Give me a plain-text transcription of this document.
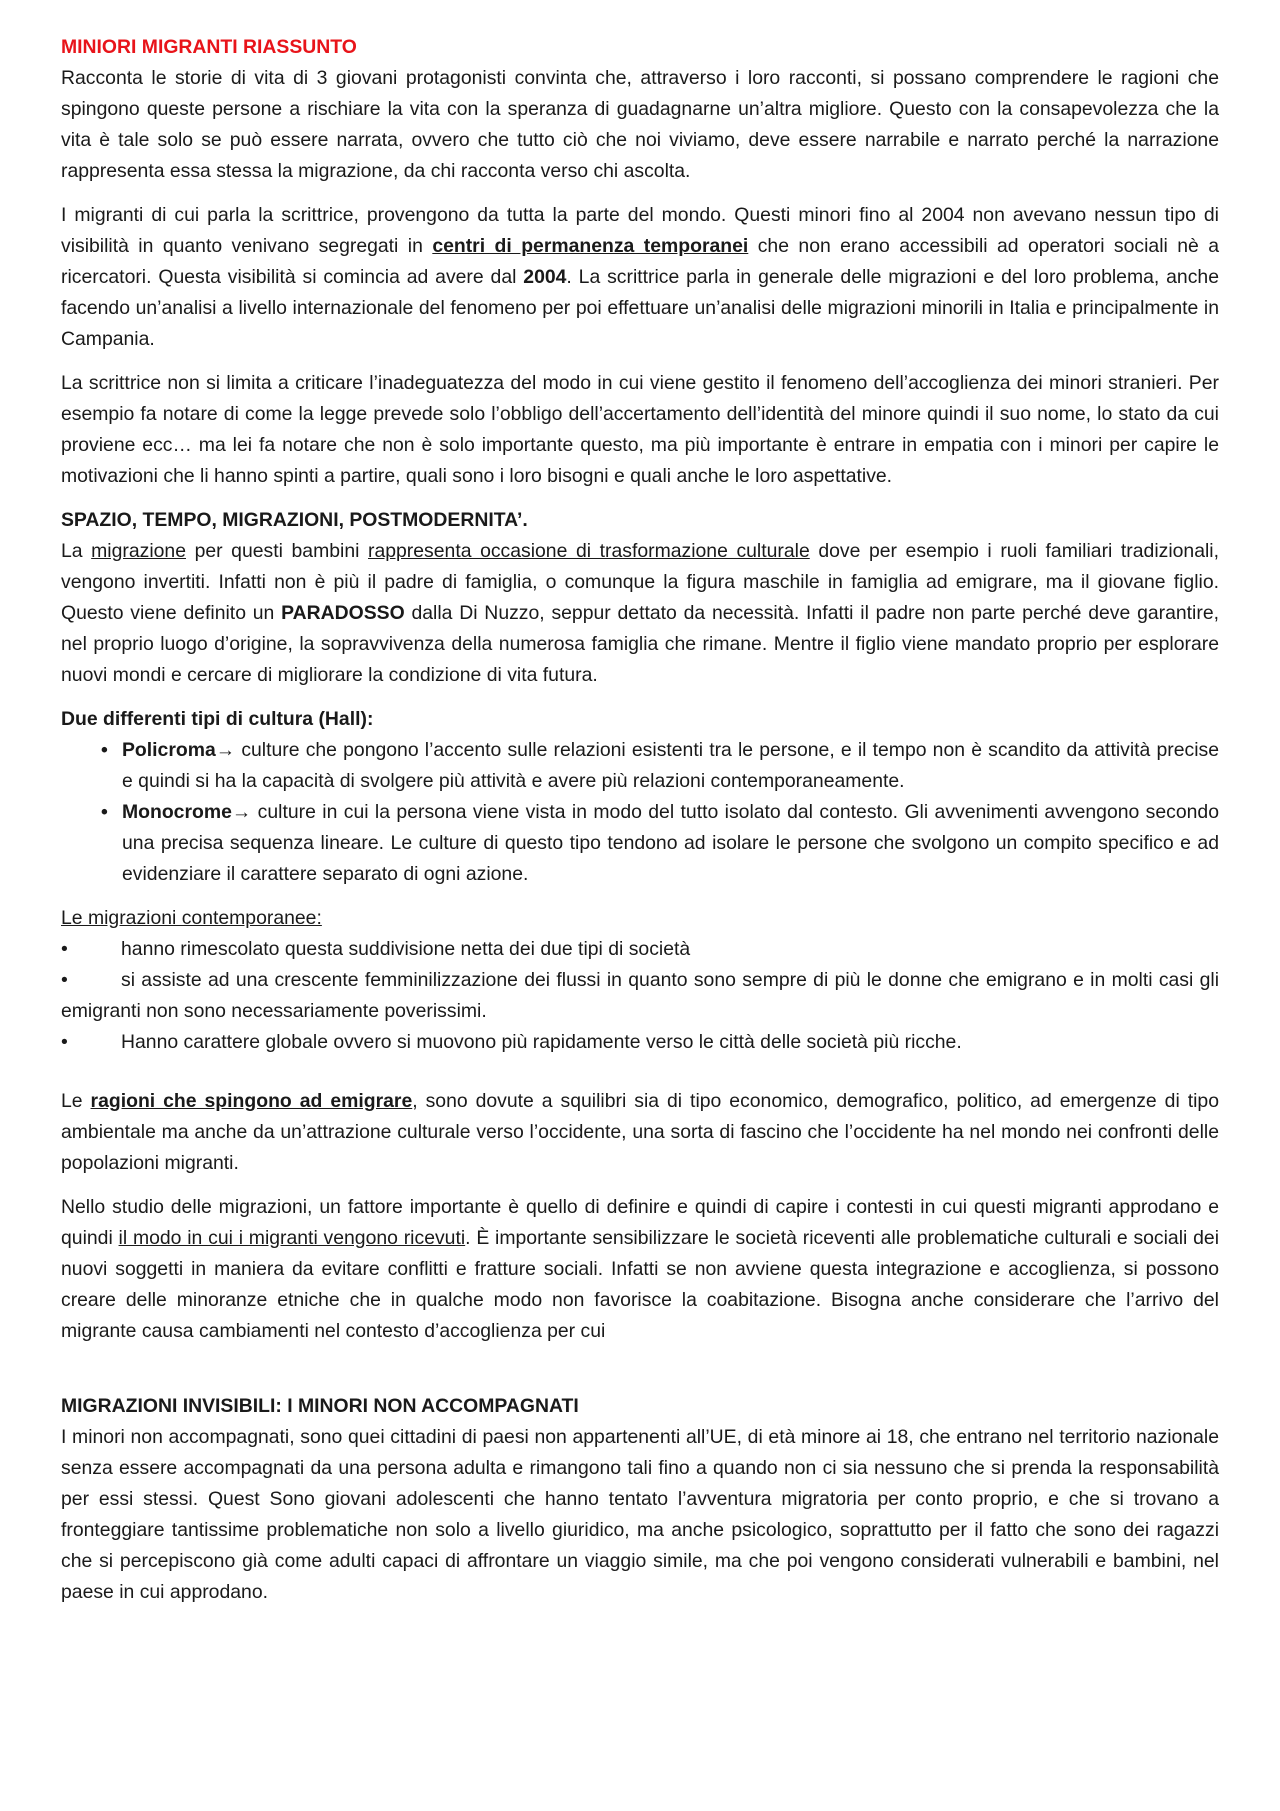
MINIORI MIGRANTI RIASSUNTO

Racconta le storie di vita di 3 giovani protagonisti convinta che, attraverso i loro racconti, si possano comprendere le ragioni che spingono queste persone a rischiare la vita con la speranza di guadagnarne un’altra migliore. Questo con la consapevolezza che la vita è tale solo se può essere narrata, ovvero che tutto ciò che noi viviamo, deve essere narrabile e narrato perché la narrazione rappresenta essa stessa la migrazione, da chi racconta verso chi ascolta.

I migranti di cui parla la scrittrice, provengono da tutta la parte del mondo. Questi minori fino al 2004 non avevano nessun tipo di visibilità in quanto venivano segregati in centri di permanenza temporanei che non erano accessibili ad operatori sociali nè a ricercatori. Questa visibilità si comincia ad avere dal 2004. La scrittrice parla in generale delle migrazioni e del loro problema, anche facendo un’analisi a livello internazionale del fenomeno per poi effettuare un’analisi delle migrazioni minorili in Italia e principalmente in Campania.

La scrittrice non si limita a criticare l’inadeguatezza del modo in cui viene gestito il fenomeno dell’accoglienza dei minori stranieri. Per esempio fa notare di come la legge prevede solo l’obbligo dell’accertamento dell’identità del minore quindi il suo nome, lo stato da cui proviene ecc… ma lei fa notare che non è solo importante questo, ma più importante è entrare in empatia con i minori per capire le motivazioni che li hanno spinti a partire, quali sono i loro bisogni e quali anche le loro aspettative.

SPAZIO, TEMPO, MIGRAZIONI, POSTMODERNITA’.

La migrazione per questi bambini rappresenta occasione di trasformazione culturale dove per esempio i ruoli familiari tradizionali, vengono invertiti. Infatti non è più il padre di famiglia, o comunque la figura maschile in famiglia ad emigrare, ma il giovane figlio. Questo viene definito un PARADOSSO dalla Di Nuzzo, seppur dettato da necessità. Infatti il padre non parte perché deve garantire, nel proprio luogo d’origine, la sopravvivenza della numerosa famiglia che rimane. Mentre il figlio viene mandato proprio per esplorare nuovi mondi e cercare di migliorare la condizione di vita futura.

Due differenti tipi di cultura (Hall):
• Policroma→ culture che pongono l’accento sulle relazioni esistenti tra le persone, e il tempo non è scandito da attività precise e quindi si ha la capacità di svolgere più attività e avere più relazioni contemporaneamente.
• Monocrome→ culture in cui la persona viene vista in modo del tutto isolato dal contesto. Gli avvenimenti avvengono secondo una precisa sequenza lineare. Le culture di questo tipo tendono ad isolare le persone che svolgono un compito specifico e ad evidenziare il carattere separato di ogni azione.
Le migrazioni contemporanee:
•	hanno rimescolato questa suddivisione netta dei due tipi di società
•	si assiste ad una crescente femminilizzazione dei flussi in quanto sono sempre di più le donne che emigrano e in molti casi gli emigranti non sono necessariamente poverissimi.
•	Hanno carattere globale ovvero si muovono più rapidamente verso le città delle società più ricche.

Le ragioni che spingono ad emigrare, sono dovute a squilibri sia di tipo economico, demografico, politico, ad emergenze di tipo ambientale ma anche da un’attrazione culturale verso l’occidente, una sorta di fascino che l’occidente ha nel mondo nei confronti delle popolazioni migranti.

Nello studio delle migrazioni, un fattore importante è quello di definire e quindi di capire i contesti in cui questi migranti approdano e quindi il modo in cui i migranti vengono ricevuti. È importante sensibilizzare le società riceventi alle problematiche culturali e sociali dei nuovi soggetti in maniera da evitare conflitti e fratture sociali. Infatti se non avviene questa integrazione e accoglienza, si possono creare delle minoranze etniche che in qualche modo non favorisce la coabitazione. Bisogna anche considerare che l’arrivo del migrante causa cambiamenti nel contesto d’accoglienza per cui

MIGRAZIONI INVISIBILI: I MINORI NON ACCOMPAGNATI

I minori non accompagnati, sono quei cittadini di paesi non appartenenti all’UE, di età minore ai 18, che entrano nel territorio nazionale senza essere accompagnati da una persona adulta e rimangono tali fino a quando non ci sia nessuno che si prenda la responsabilità per essi stessi. Quest Sono giovani adolescenti che hanno tentato l’avventura migratoria per conto proprio, e che si trovano a fronteggiare tantissime problematiche non solo a livello giuridico, ma anche psicologico, soprattutto per il fatto che sono dei ragazzi che si percepiscono già come adulti capaci di affrontare un viaggio simile, ma che poi vengono considerati vulnerabili e bambini, nel paese in cui approdano.
